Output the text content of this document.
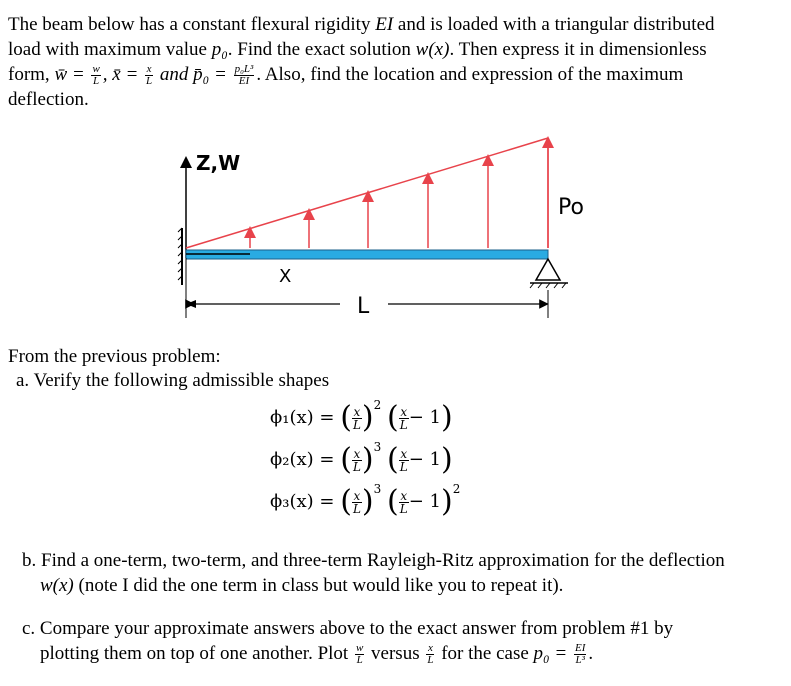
The beam below has a constant flexural rigidity EI and is loaded with a triangular distributed
load with maximum value p₀. Find the exact solution w(x). Then express it in dimensionless
form, w̄ = $\frac{w}{L}$ , x̄ = $\frac{x}{L}$ and p̄₀ = $\frac{\text{p₀L³}}{EI}$ . Also, find the location and expression of the maximum
deflection.

Z,W
Po
X
L

From the previous problem:

a. Verify the following admissible shapes

ϕ₁(x) = ( $\frac{x}{L} )^2$ ( $\frac{x}{L} - 1$)
ϕ₂(x) = ( $\frac{x}{L} )^3$ ( $\frac{x}{L} - 1$)
ϕ₃(x) = ( $\frac{x}{L} )^3$ ( $\frac{x}{L} - 1)^2$

b. Find a one-term, two-term, and three-term Rayleigh-Ritz approximation for the deflection
w(x) (note I did the one term in class but would like you to repeat it).

c. Compare your approximate answers above to the exact answer from problem #1 by
plotting them on top of one another. Plot $\frac{w}{L}$ versus $\frac{x}{L}$ for the case $p_0 = \frac{EI}{\text{L³}}$ .
